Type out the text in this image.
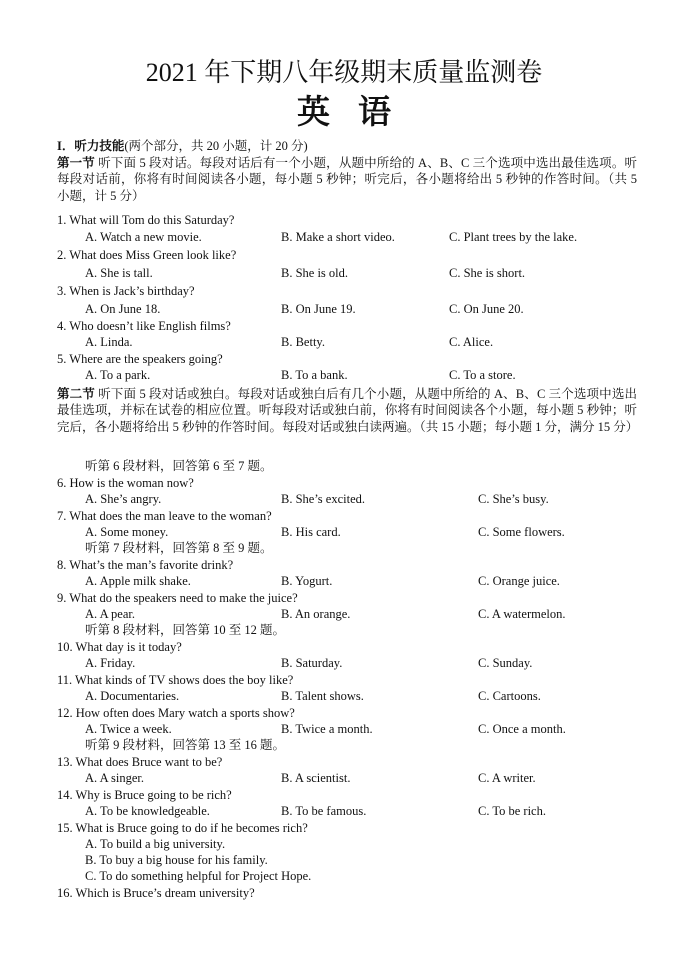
2021 年下期八年级期末质量监测卷
英语
I．听力技能(两个部分，共 20 小题，计 20 分)
第一节 听下面 5 段对话。每段对话后有一个小题，从题中所给的 A、B、C 三个选项中选出最佳选项。听每段对话前，你将有时间阅读各小题，每小题 5 秒钟；听完后，各小题将给出 5 秒钟的作答时间。（共 5 小题，计 5 分）
1. What will Tom do this Saturday?
A. Watch a new movie.	B. Make a short video.	C. Plant trees by the lake.
2. What does Miss Green look like?
A. She is tall.	B. She is old.	C. She is short.
3. When is Jack’s birthday?
A. On June 18.	B. On June 19.	C. On June 20.
4. Who doesn’t like English films?
A. Linda.	B. Betty.	C. Alice.
5. Where are the speakers going?
A. To a park.	B. To a bank.	C. To a store.
第二节 听下面 5 段对话或独白。每段对话或独白后有几个小题，从题中所给的 A、B、C 三个选项中选出最佳选项，并标在试卷的相应位置。听每段对话或独白前，你将有时间阅读各个小题，每小题 5 秒钟；听完后，各小题将给出 5 秒钟的作答时间。每段对话或独白读两遍。（共 15 小题；每小题 1 分，满分 15 分）
听第 6 段材料，回答第 6 至 7 题。
6. How is the woman now?
A. She’s angry.	B. She’s excited.	C. She’s busy.
7. What does the man leave to the woman?
A. Some money.	B. His card.	C. Some flowers.
听第 7 段材料，回答第 8 至 9 题。
8. What’s the man’s favorite drink?
A. Apple milk shake.	B. Yogurt.	C. Orange juice.
9. What do the speakers need to make the juice?
A. A pear.	B. An orange.	C. A watermelon.
听第 8 段材料，回答第 10 至 12 题。
10. What day is it today?
A. Friday.	B. Saturday.	C. Sunday.
11. What kinds of TV shows does the boy like?
A. Documentaries.	B. Talent shows.	C. Cartoons.
12. How often does Mary watch a sports show?
A. Twice a week.	B. Twice a month.	C. Once a month.
听第 9 段材料，回答第 13 至 16 题。
13. What does Bruce want to be?
A. A singer.	B. A scientist.	C. A writer.
14. Why is Bruce going to be rich?
A. To be knowledgeable.	B. To be famous.	C. To be rich.
15. What is Bruce going to do if he becomes rich?
A. To build a big university.
B. To buy a big house for his family.
C. To do something helpful for Project Hope.
16. Which is Bruce’s dream university?
